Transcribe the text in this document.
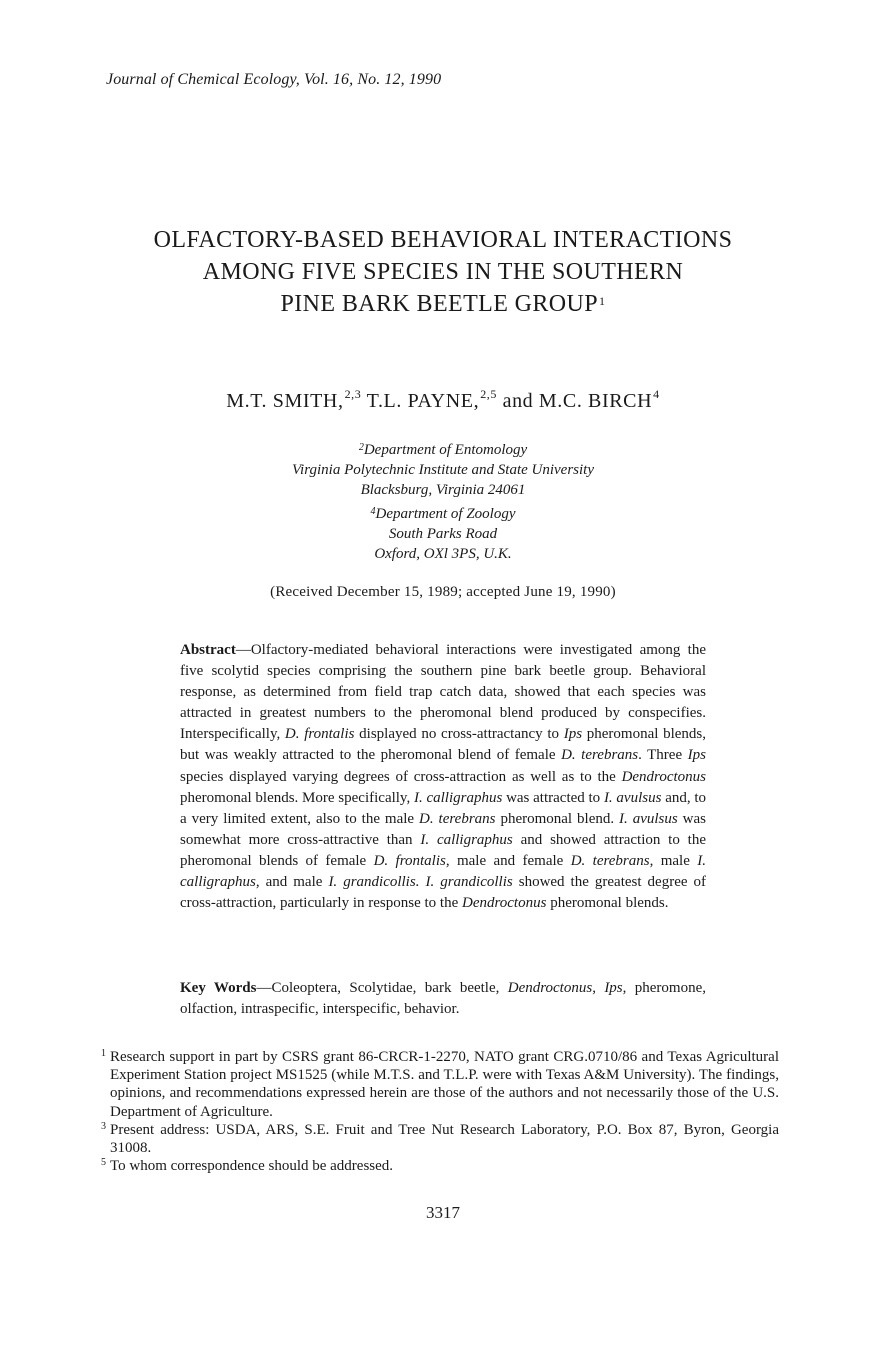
Journal of Chemical Ecology, Vol. 16, No. 12, 1990
OLFACTORY-BASED BEHAVIORAL INTERACTIONS
AMONG FIVE SPECIES IN THE SOUTHERN
PINE BARK BEETLE GROUP$^1$
M.T. SMITH,$^{2,3}$ T.L. PAYNE,$^{2,5}$ and M.C. BIRCH$^4$
$^2$Department of Entomology
Virginia Polytechnic Institute and State University
Blacksburg, Virginia 24061
$^4$Department of Zoology
South Parks Road
Oxford, OXl 3PS, U.K.
(Received December 15, 1989; accepted June 19, 1990)
Abstract—Olfactory-mediated behavioral interactions were investigated among the five scolytid species comprising the southern pine bark beetle group. Behavioral response, as determined from field trap catch data, showed that each species was attracted in greatest numbers to the pheromonal blend produced by conspecifies. Interspecifically, D. frontalis displayed no cross-attractancy to Ips pheromonal blends, but was weakly attracted to the pheromonal blend of female D. terebrans. Three Ips species displayed varying degrees of cross-attraction as well as to the Dendroctonus pheromonal blends. More specifically, I. calligraphus was attracted to I. avulsus and, to a very limited extent, also to the male D. terebrans pheromonal blend. I. avulsus was somewhat more cross-attractive than I. calligraphus and showed attraction to the pheromonal blends of female D. frontalis, male and female D. terebrans, male I. calligraphus, and male I. grandicollis. I. grandicollis showed the greatest degree of cross-attraction, particularly in response to the Dendroctonus pheromonal blends.
Key Words—Coleoptera, Scolytidae, bark beetle, Dendroctonus, Ips, pheromone, olfaction, intraspecific, interspecific, behavior.

1 Research support in part by CSRS grant 86-CRCR-1-2270, NATO grant CRG.0710/86 and Texas Agricultural Experiment Station project MS1525 (while M.T.S. and T.L.P. were with Texas A&M University). The findings, opinions, and recommendations expressed herein are those of the authors and not necessarily those of the U.S. Department of Agriculture.

3 Present address: USDA, ARS, S.E. Fruit and Tree Nut Research Laboratory, P.O. Box 87, Byron, Georgia 31008.

5 To whom correspondence should be addressed.

3317
